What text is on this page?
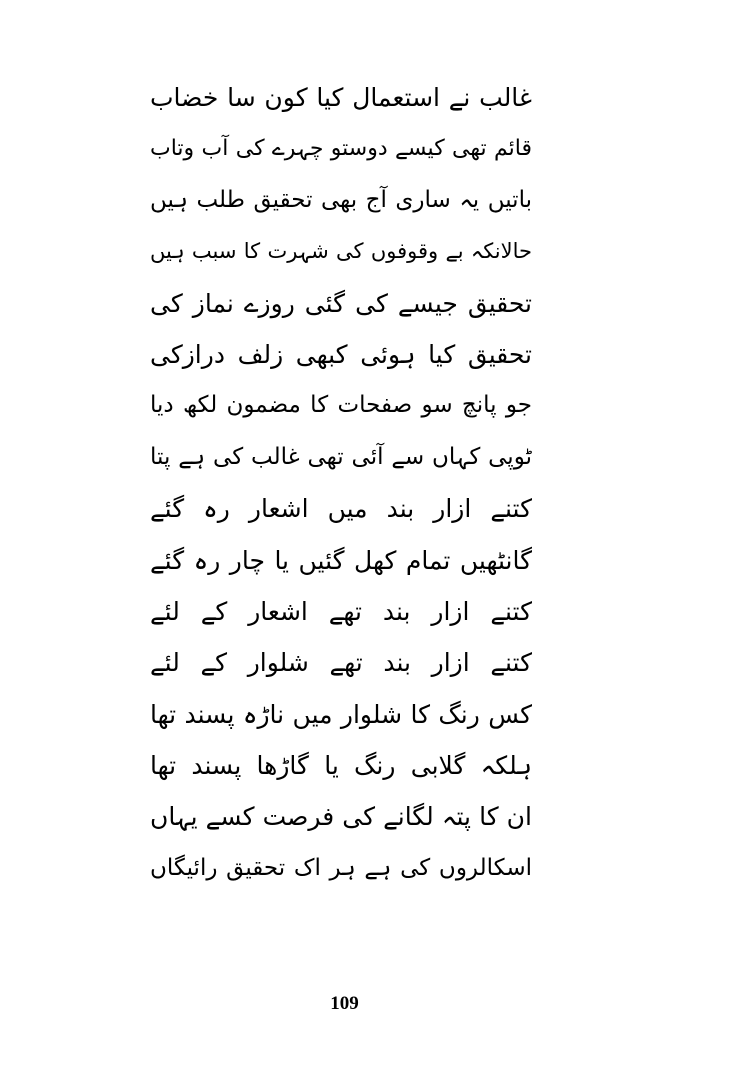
غالب نے استعمال کیا کون سا خضاب
قائم تھی کیسے دوستو چہرے کی آب وتاب
باتیں یہ ساری آج بھی تحقیق طلب ہیں
حالانکہ بے وقوفوں کی شہرت کا سبب ہیں
تحقیق جیسے کی گئی روزے نماز کی
تحقیق کیا ہوئی کبھی زلف درازکی
جو پانچ سو صفحات کا مضمون لکھ دیا
ٹوپی کہاں سے آئی تھی غالب کی ہے پتا
کتنے ازار بند میں اشعار رہ گئے
گانٹھیں تمام کھل گئیں یا چار رہ گئے
کتنے ازار بند تھے اشعار کے لئے
کتنے ازار بند تھے شلوار کے لئے
کس رنگ کا شلوار میں ناڑہ پسند تھا
ہلکہ گلابی رنگ یا گاڑھا پسند تھا
ان کا پتہ لگانے کی فرصت کسے یہاں
اسکالروں کی ہے ہر اک تحقیق رائیگاں
109
